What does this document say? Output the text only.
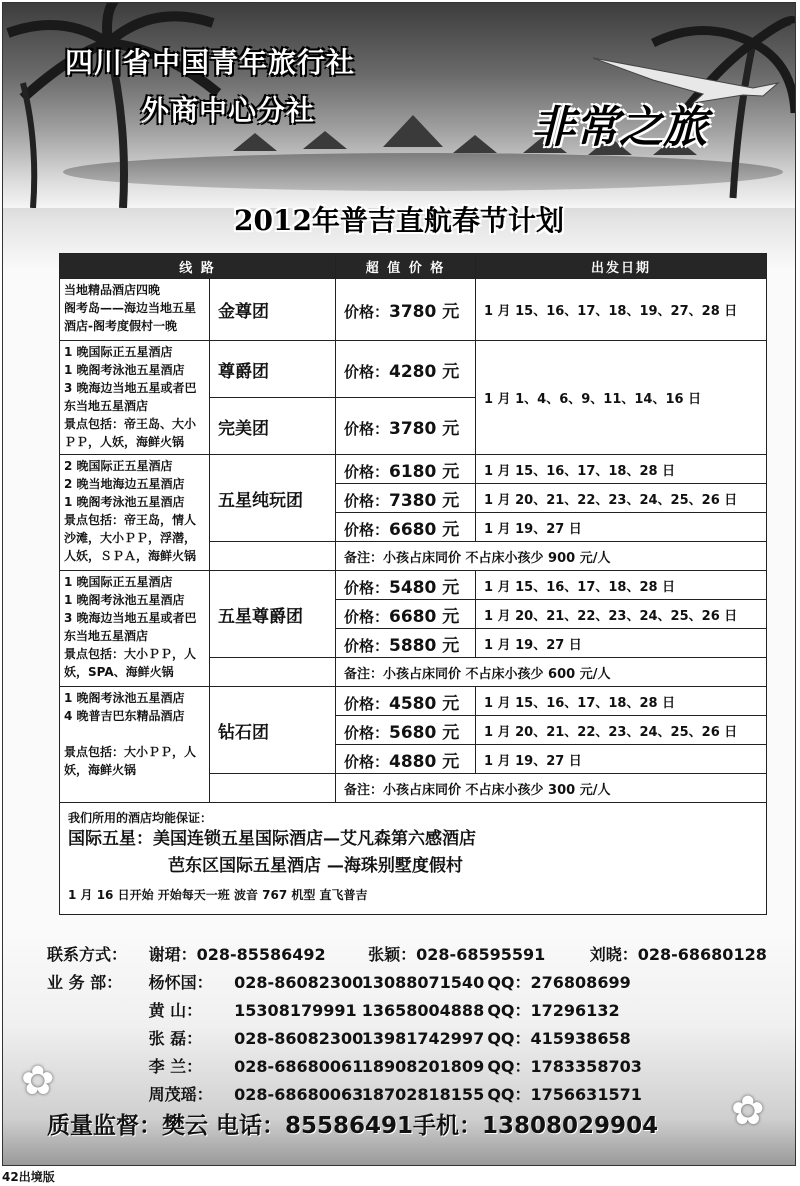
四川省中国青年旅行社
外商中心分社	非常之旅
2012年普吉直航春节计划
✿
✿
线 路		超 值 价 格	出发日期
当地精品酒店四晚
阁考岛——海边当地五星酒店-阁考度假村一晚	金尊团	价格：3780 元	1 月 15、16、17、18、19、27、28 日
1 晚国际正五星酒店
1 晚阁考泳池五星酒店
3 晚海边当地五星或者巴东当地五星酒店
景点包括：帝王岛、大小ＰＰ，人妖，海鲜火锅	尊爵团	价格：4280 元	1 月 1、4、6、9、11、14、16 日
	完美团	价格：3780 元	
2 晚国际正五星酒店
2 晚当地海边五星酒店
1 晚阁考泳池五星酒店
景点包括：帝王岛，情人沙滩，大小ＰＰ，浮潜，人妖，ＳＰＡ，海鲜火锅	五星纯玩团	价格：6180 元	1 月 15、16、17、18、28 日
		价格：7380 元	1 月 20、21、22、23、24、25、26 日
		价格：6680 元	1 月 19、27 日
		备注：小孩占床同价 不占床小孩少 900 元/人	
1 晚国际正五星酒店
1 晚阁考泳池五星酒店
3 晚海边当地五星或者巴东当地五星酒店
景点包括：大小ＰＰ，人妖，SPA、海鲜火锅	五星尊爵团	价格：5480 元	1 月 15、16、17、18、28 日
		价格：6680 元	1 月 20、21、22、23、24、25、26 日
		价格：5880 元	1 月 19、27 日
		备注：小孩占床同价 不占床小孩少 600 元/人	
1 晚阁考泳池五星酒店
4 晚普吉巴东精品酒店

景点包括：大小ＰＰ，人妖，海鲜火锅	钻石团	价格：4580 元	1 月 15、16、17、18、28 日
		价格：5680 元	1 月 20、21、22、23、24、25、26 日
		价格：4880 元	1 月 19、27 日
		备注：小孩占床同价 不占床小孩少 300 元/人	

我们所用的酒店均能保证：
国际五星：美国连锁五星国际酒店—艾凡森第六感酒店
芭东区国际五星酒店 —海珠别墅度假村
1 月 16 日开始 开始每天一班 波音 767 机型 直飞普吉			
联系方式： 谢珺：028-85586492	张颖：028-68595591	刘晓：028-68680128
业 务 部： 杨怀国： 028-86082300 13088071540 QQ：276808699
黄 山： 15308179991 13658004888 QQ：17296132
张 磊： 028-86082300 13981742997 QQ：415938658
李 兰： 028-68680061 18908201809 QQ：1783358703
周茂瑶： 028-68680063 18702818155 QQ：1756631571
质量监督：樊云 电话：85586491手机：13808029904
42出境版
